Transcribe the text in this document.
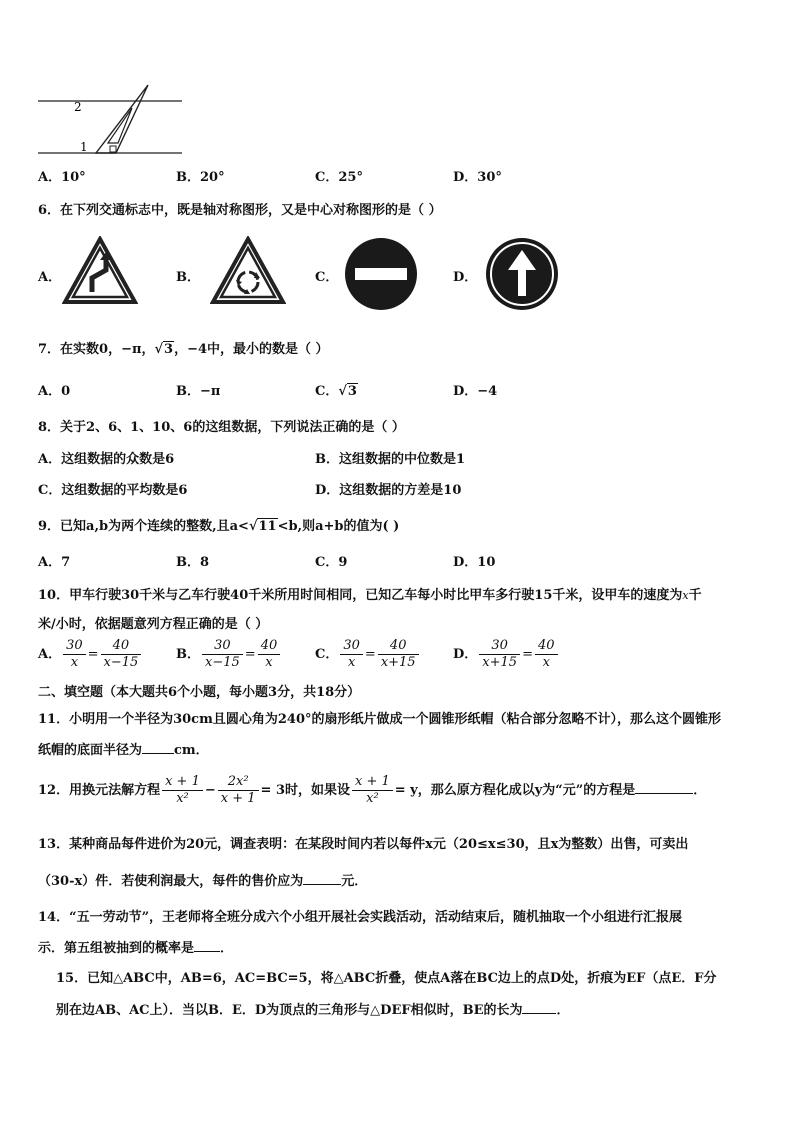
2
1
A．10°	B．20°	C．25°	D．30°
6．在下列交通标志中，既是轴对称图形，又是中心对称图形的是（ ）
A．	B．	C．	D．
7．在实数0，−π，√3，−4中，最小的数是（ ）
A．0	B．−π	C．√3	D．−4
8．关于2、6、1、10、6的这组数据，下列说法正确的是（ ）
A．这组数据的众数是6	B．这组数据的中位数是1
C．这组数据的平均数是6	D．这组数据的方差是10
9．已知a,b为两个连续的整数,且a<√11<b,则a+b的值为( )
A．7	B．8	C．9	D．10
10．甲车行驶30千米与乙车行驶40千米所用时间相同，已知乙车每小时比甲车多行驶15千米，设甲车的速度为x千
米/小时，依据题意列方程正确的是（ ）
A． $\frac{30}{x} = \frac{40}{x-15}$	B． $\frac{30}{x-15} = \frac{40}{x}$	C． $\frac{30}{x} = \frac{40}{x+15}$	D． $\frac{30}{x+15} = \frac{40}{x}$
二、填空题（本大题共6个小题，每小题3分，共18分）
11．小明用一个半径为30cm且圆心角为240°的扇形纸片做成一个圆锥形纸帽（粘合部分忽略不计），那么这个圆锥形
纸帽的底面半径为 cm．
12．用换元法解方程 $\frac{x + 1}{\text{x²}} - \frac{\text{2x²}}{x + 1} = 3$时，如果设 $\frac{x + 1}{\text{x²}} = y$，那么原方程化成以y为“元”的方程是	．
13．某种商品每件进价为20元，调查表明：在某段时间内若以每件x元（20≤x≤30，且x为整数）出售，可卖出
（30-x）件．若使利润最大，每件的售价应为	元．
14．“五一劳动节”，王老师将全班分成六个小组开展社会实践活动，活动结束后，随机抽取一个小组进行汇报展
示．第五组被抽到的概率是 ．
15．已知△ABC中，AB=6，AC=BC=5，将△ABC折叠，使点A落在BC边上的点D处，折痕为EF（点E．F分
别在边AB、AC上）．当以B．E．D为顶点的三角形与△DEF相似时，BE的长为	．
